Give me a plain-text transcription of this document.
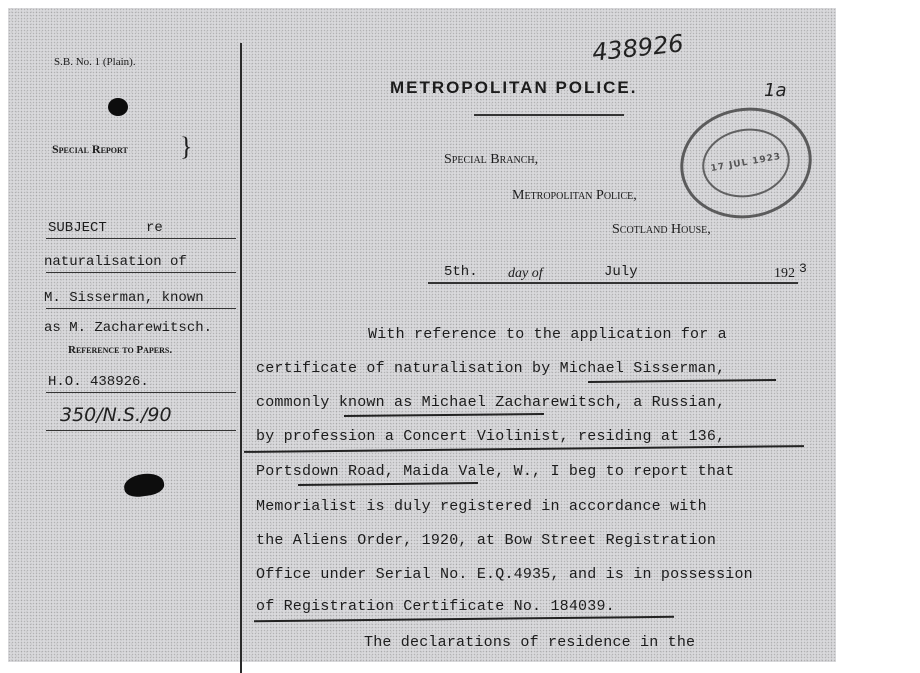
S.B. No. 1 (Plain).
Special Report }
SUBJECT	re
naturalisation of
M. Sisserman, known
as M. Zacharewitsch.
Reference to Papers.
H.O. 438926.
350/N.S./90
438926
1a
METROPOLITAN POLICE.
17 JUL 1923
Special Branch,
Metropolitan Police,
Scotland House,
5th. day of	July	192 3
With reference to the application for a
certificate of naturalisation by Michael Sisserman,
commonly known as Michael Zacharewitsch, a Russian,
by profession a Concert Violinist, residing at 136,
Portsdown Road, Maida Vale, W., I beg to report that
Memorialist is duly registered in accordance with
the Aliens Order, 1920, at Bow Street Registration
Office under Serial No. E.Q.4935, and is in possession
of Registration Certificate No. 184039.
The declarations of residence in the
